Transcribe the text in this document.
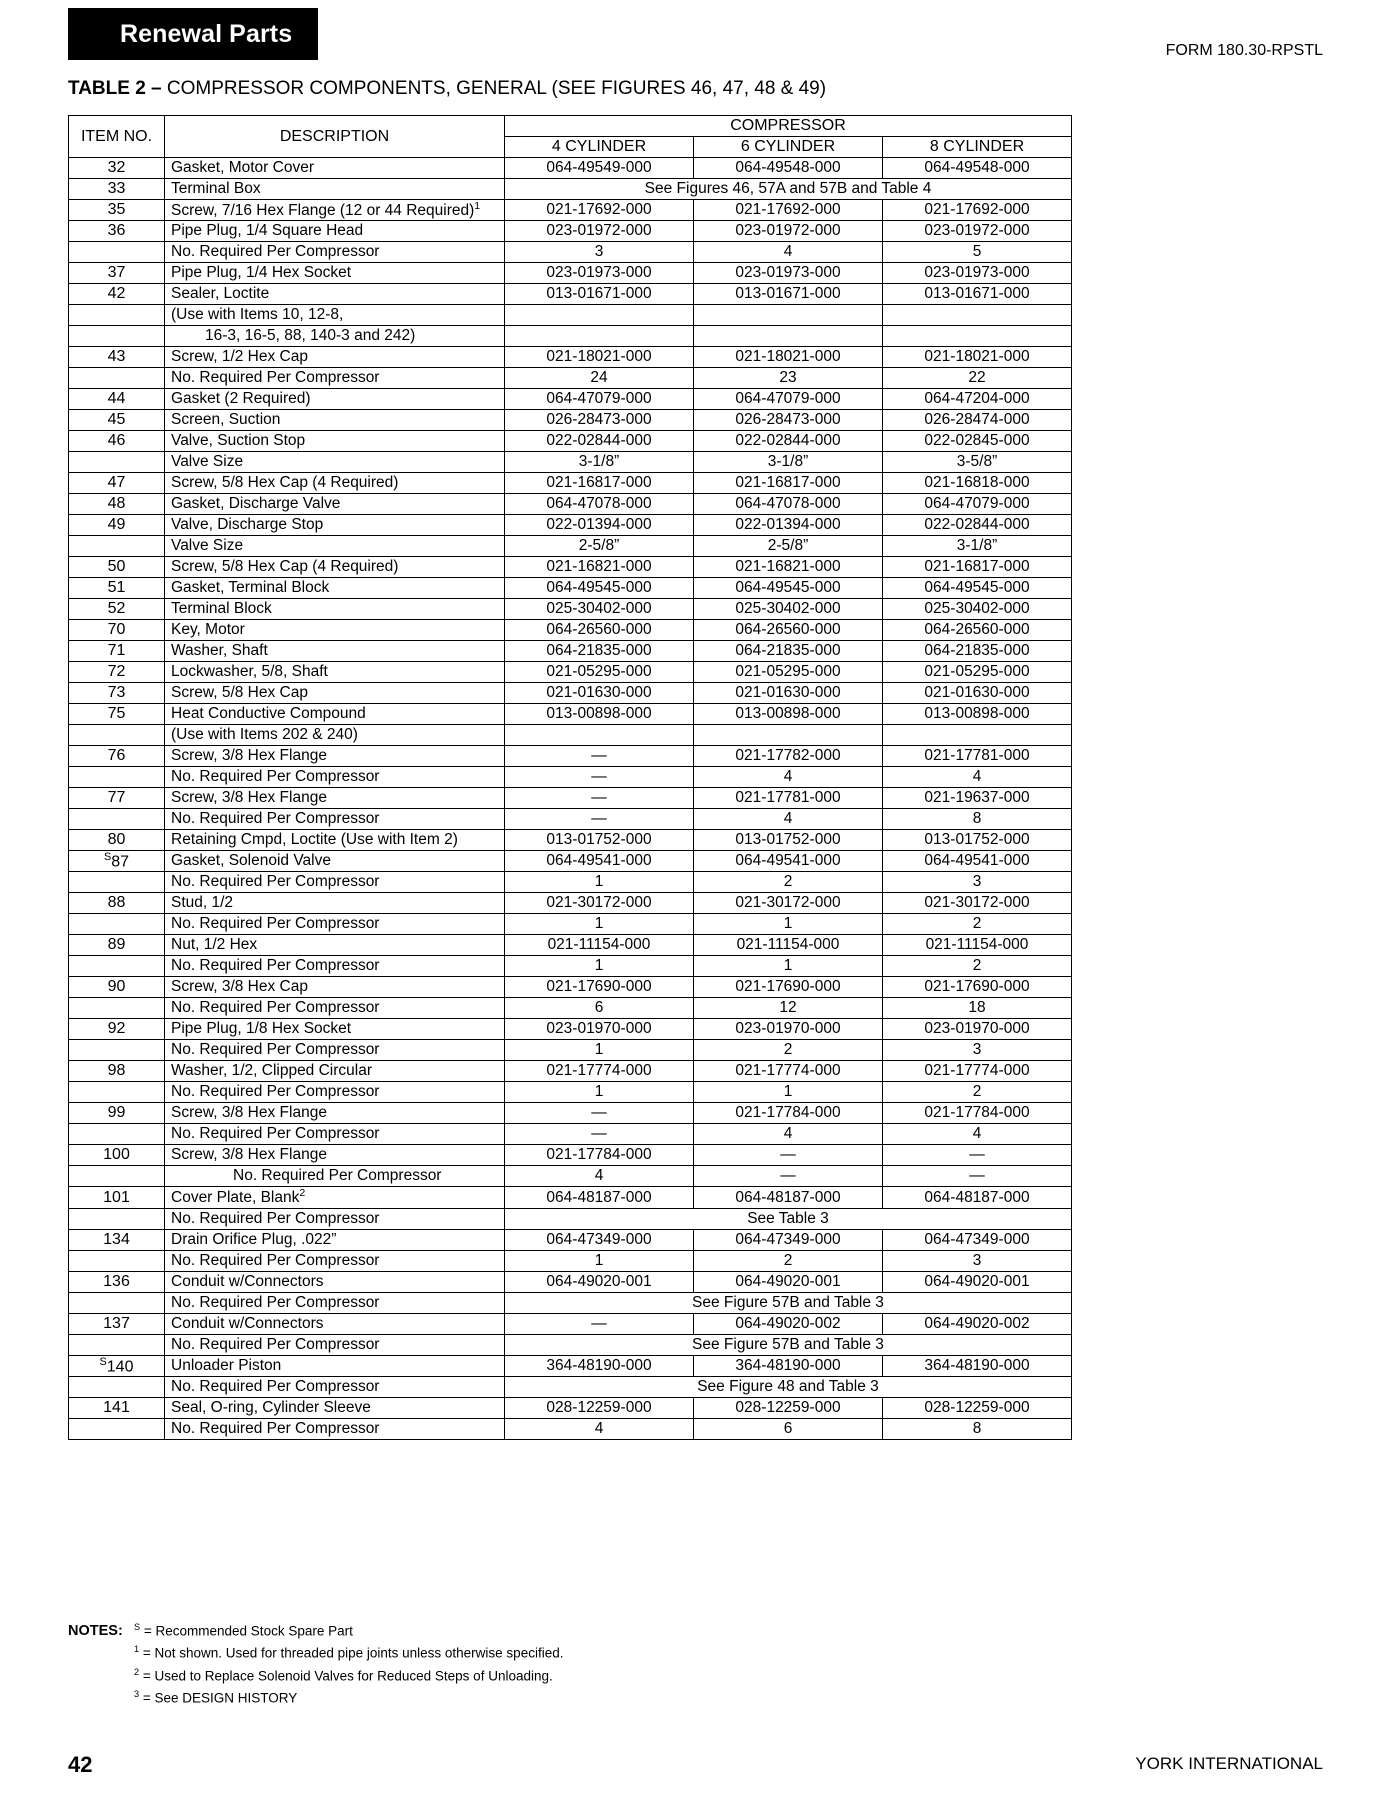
Renewal Parts
FORM 180.30-RPSTL
TABLE 2 – COMPRESSOR COMPONENTS, GENERAL (SEE FIGURES 46, 47, 48 & 49)
ITEM NO.	DESCRIPTION	COMPRESSOR		
		4 CYLINDER	6 CYLINDER	8 CYLINDER
32	Gasket, Motor Cover	064-49549-000	064-49548-000	064-49548-000
33	Terminal Box	See Figures 46, 57A and 57B and Table 4		
35	Screw, 7/16 Hex Flange (12 or 44 Required)$^1$	021-17692-000	021-17692-000	021-17692-000
36	Pipe Plug, 1/4 Square Head	023-01972-000	023-01972-000	023-01972-000
	No. Required Per Compressor	3	4	5
37	Pipe Plug, 1/4 Hex Socket	023-01973-000	023-01973-000	023-01973-000
42	Sealer, Loctite	013-01671-000	013-01671-000	013-01671-000
	(Use with Items 10, 12-8,			
	16-3, 16-5, 88, 140-3 and 242)			
43	Screw, 1/2 Hex Cap	021-18021-000	021-18021-000	021-18021-000
	No. Required Per Compressor	24	23	22
44	Gasket (2 Required)	064-47079-000	064-47079-000	064-47204-000
45	Screen, Suction	026-28473-000	026-28473-000	026-28474-000
46	Valve, Suction Stop	022-02844-000	022-02844-000	022-02845-000
	Valve Size	3-1/8”	3-1/8”	3-5/8”
47	Screw, 5/8 Hex Cap (4 Required)	021-16817-000	021-16817-000	021-16818-000
48	Gasket, Discharge Valve	064-47078-000	064-47078-000	064-47079-000
49	Valve, Discharge Stop	022-01394-000	022-01394-000	022-02844-000
	Valve Size	2-5/8”	2-5/8”	3-1/8”
50	Screw, 5/8 Hex Cap (4 Required)	021-16821-000	021-16821-000	021-16817-000
51	Gasket, Terminal Block	064-49545-000	064-49545-000	064-49545-000
52	Terminal Block	025-30402-000	025-30402-000	025-30402-000
70	Key, Motor	064-26560-000	064-26560-000	064-26560-000
71	Washer, Shaft	064-21835-000	064-21835-000	064-21835-000
72	Lockwasher, 5/8, Shaft	021-05295-000	021-05295-000	021-05295-000
73	Screw, 5/8 Hex Cap	021-01630-000	021-01630-000	021-01630-000
75	Heat Conductive Compound	013-00898-000	013-00898-000	013-00898-000
	(Use with Items 202 & 240)			
76	Screw, 3/8 Hex Flange	—	021-17782-000	021-17781-000
	No. Required Per Compressor	—	4	4
77	Screw, 3/8 Hex Flange	—	021-17781-000	021-19637-000
	No. Required Per Compressor	—	4	8
80	Retaining Cmpd, Loctite (Use with Item 2)	013-01752-000	013-01752-000	013-01752-000
$^S$87	Gasket, Solenoid Valve	064-49541-000	064-49541-000	064-49541-000
	No. Required Per Compressor	1	2	3
88	Stud, 1/2	021-30172-000	021-30172-000	021-30172-000
	No. Required Per Compressor	1	1	2
89	Nut, 1/2 Hex	021-11154-000	021-11154-000	021-11154-000
	No. Required Per Compressor	1	1	2
90	Screw, 3/8 Hex Cap	021-17690-000	021-17690-000	021-17690-000
	No. Required Per Compressor	6	12	18
92	Pipe Plug, 1/8 Hex Socket	023-01970-000	023-01970-000	023-01970-000
	No. Required Per Compressor	1	2	3
98	Washer, 1/2, Clipped Circular	021-17774-000	021-17774-000	021-17774-000
	No. Required Per Compressor	1	1	2
99	Screw, 3/8 Hex Flange	—	021-17784-000	021-17784-000
	No. Required Per Compressor	—	4	4
100	Screw, 3/8 Hex Flange	021-17784-000	—	—
	No. Required Per Compressor	4	—	—
101	Cover Plate, Blank$^2$	064-48187-000	064-48187-000	064-48187-000
	No. Required Per Compressor	See Table 3		
134	Drain Orifice Plug, .022”	064-47349-000	064-47349-000	064-47349-000
	No. Required Per Compressor	1	2	3
136	Conduit w/Connectors	064-49020-001	064-49020-001	064-49020-001
	No. Required Per Compressor	See Figure 57B and Table 3		
137	Conduit w/Connectors	—	064-49020-002	064-49020-002
	No. Required Per Compressor	See Figure 57B and Table 3		
$^S$140	Unloader Piston	364-48190-000	364-48190-000	364-48190-000
	No. Required Per Compressor	See Figure 48 and Table 3		
141	Seal, O-ring, Cylinder Sleeve	028-12259-000	028-12259-000	028-12259-000
	No. Required Per Compressor	4	6	8
NOTES: $^S$ = Recommended Stock Spare Part
$^1$ = Not shown. Used for threaded pipe joints unless otherwise specified.
$^2$ = Used to Replace Solenoid Valves for Reduced Steps of Unloading.
$^3$ = See DESIGN HISTORY
42	YORK INTERNATIONAL
